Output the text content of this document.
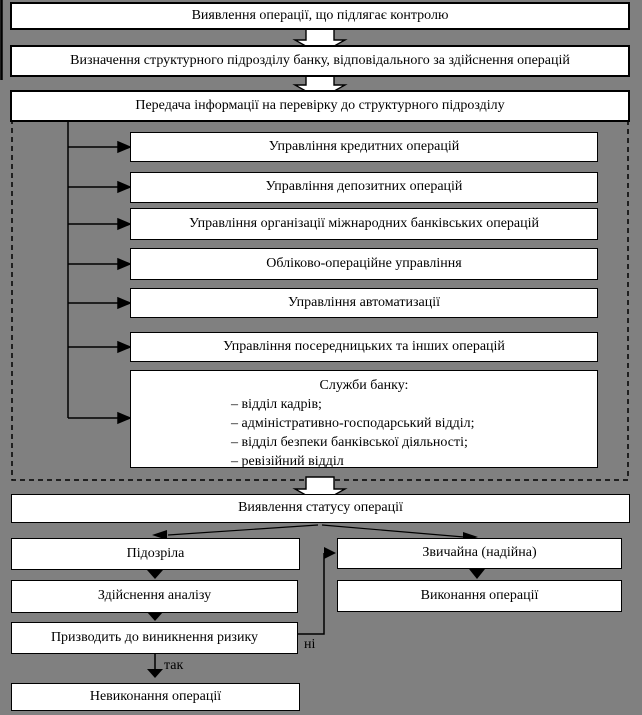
Виявлення операції, що підлягає контролю
Визначення структурного підрозділу банку, відповідального за здійснення операцій
Передача інформації на перевірку до структурного підрозділу
Управління кредитних операцій
Управління депозитних операцій
Управління організації міжнародних банківських операцій
Обліково-операційне управління
Управління автоматизації
Управління посередницьких та інших операцій
Служби банку:
– відділ кадрів;
– адміністративно-господарський відділ;
– відділ безпеки банківської діяльності;
– ревізійний відділ
Виявлення статусу операції
Підозріла
Здійснення аналізу
Призводить до виникнення ризику
Невиконання операції
Звичайна (надійна)
Виконання операції
так
ні
